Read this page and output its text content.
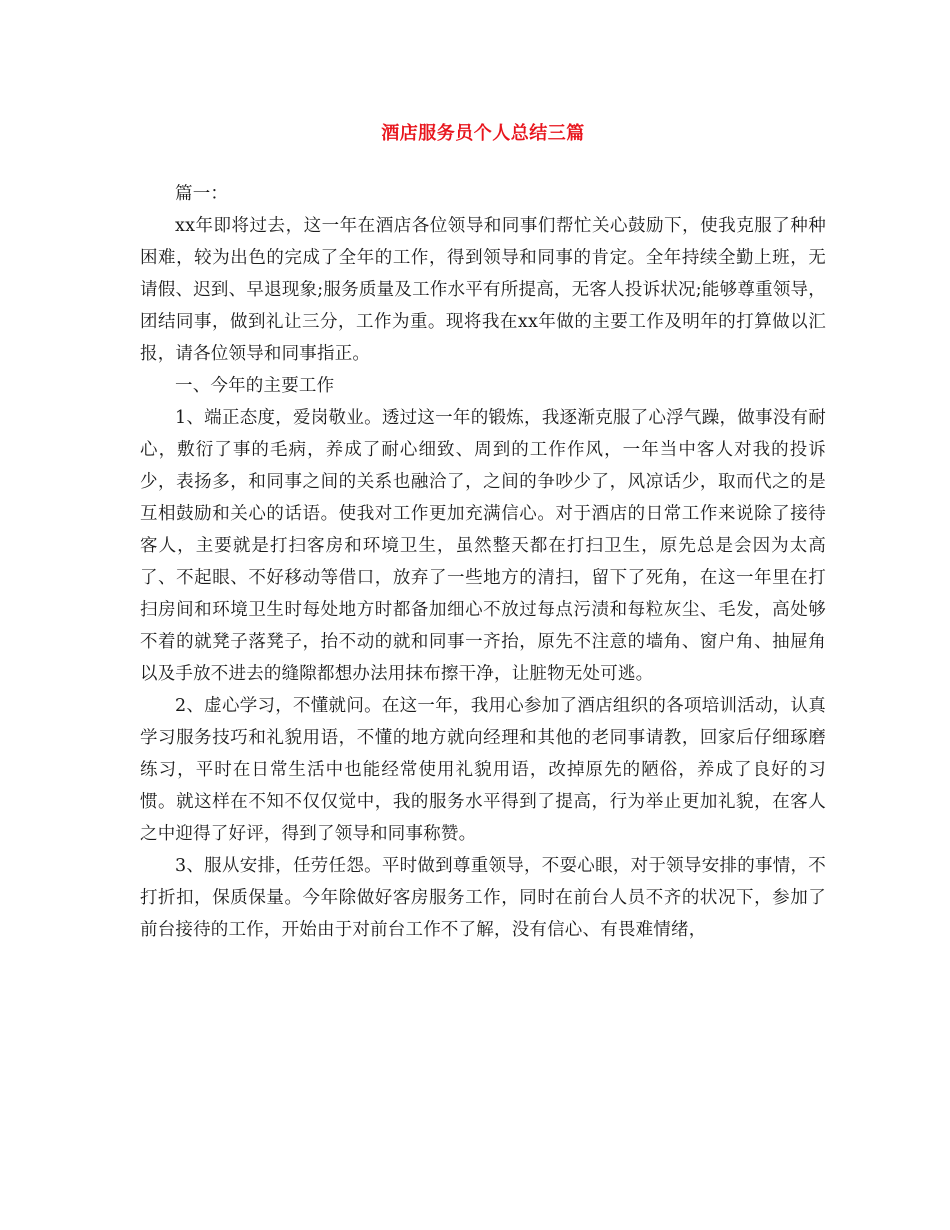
酒店服务员个人总结三篇

篇一：

xx年即将过去，这一年在酒店各位领导和同事们帮忙关心鼓励下，使我克服了种种困难，较为出色的完成了全年的工作，得到领导和同事的肯定。全年持续全勤上班，无请假、迟到、早退现象;服务质量及工作水平有所提高，无客人投诉状况;能够尊重领导，团结同事，做到礼让三分，工作为重。现将我在xx年做的主要工作及明年的打算做以汇报，请各位领导和同事指正。

一、今年的主要工作

1、端正态度，爱岗敬业。透过这一年的锻炼，我逐渐克服了心浮气躁，做事没有耐心，敷衍了事的毛病，养成了耐心细致、周到的工作作风，一年当中客人对我的投诉少，表扬多，和同事之间的关系也融洽了，之间的争吵少了，风凉话少，取而代之的是互相鼓励和关心的话语。使我对工作更加充满信心。对于酒店的日常工作来说除了接待客人，主要就是打扫客房和环境卫生，虽然整天都在打扫卫生，原先总是会因为太高了、不起眼、不好移动等借口，放弃了一些地方的清扫，留下了死角，在这一年里在打扫房间和环境卫生时每处地方时都备加细心不放过每点污渍和每粒灰尘、毛发，高处够不着的就凳子落凳子，抬不动的就和同事一齐抬，原先不注意的墙角、窗户角、抽屉角以及手放不进去的缝隙都想办法用抹布擦干净，让脏物无处可逃。

2、虚心学习，不懂就问。在这一年，我用心参加了酒店组织的各项培训活动，认真学习服务技巧和礼貌用语，不懂的地方就向经理和其他的老同事请教，回家后仔细琢磨练习，平时在日常生活中也能经常使用礼貌用语，改掉原先的陋俗，养成了良好的习惯。就这样在不知不仅仅觉中，我的服务水平得到了提高，行为举止更加礼貌，在客人之中迎得了好评，得到了领导和同事称赞。

3、服从安排，任劳任怨。平时做到尊重领导，不耍心眼，对于领导安排的事情，不打折扣，保质保量。今年除做好客房服务工作，同时在前台人员不齐的状况下，参加了前台接待的工作，开始由于对前台工作不了解，没有信心、有畏难情绪，
